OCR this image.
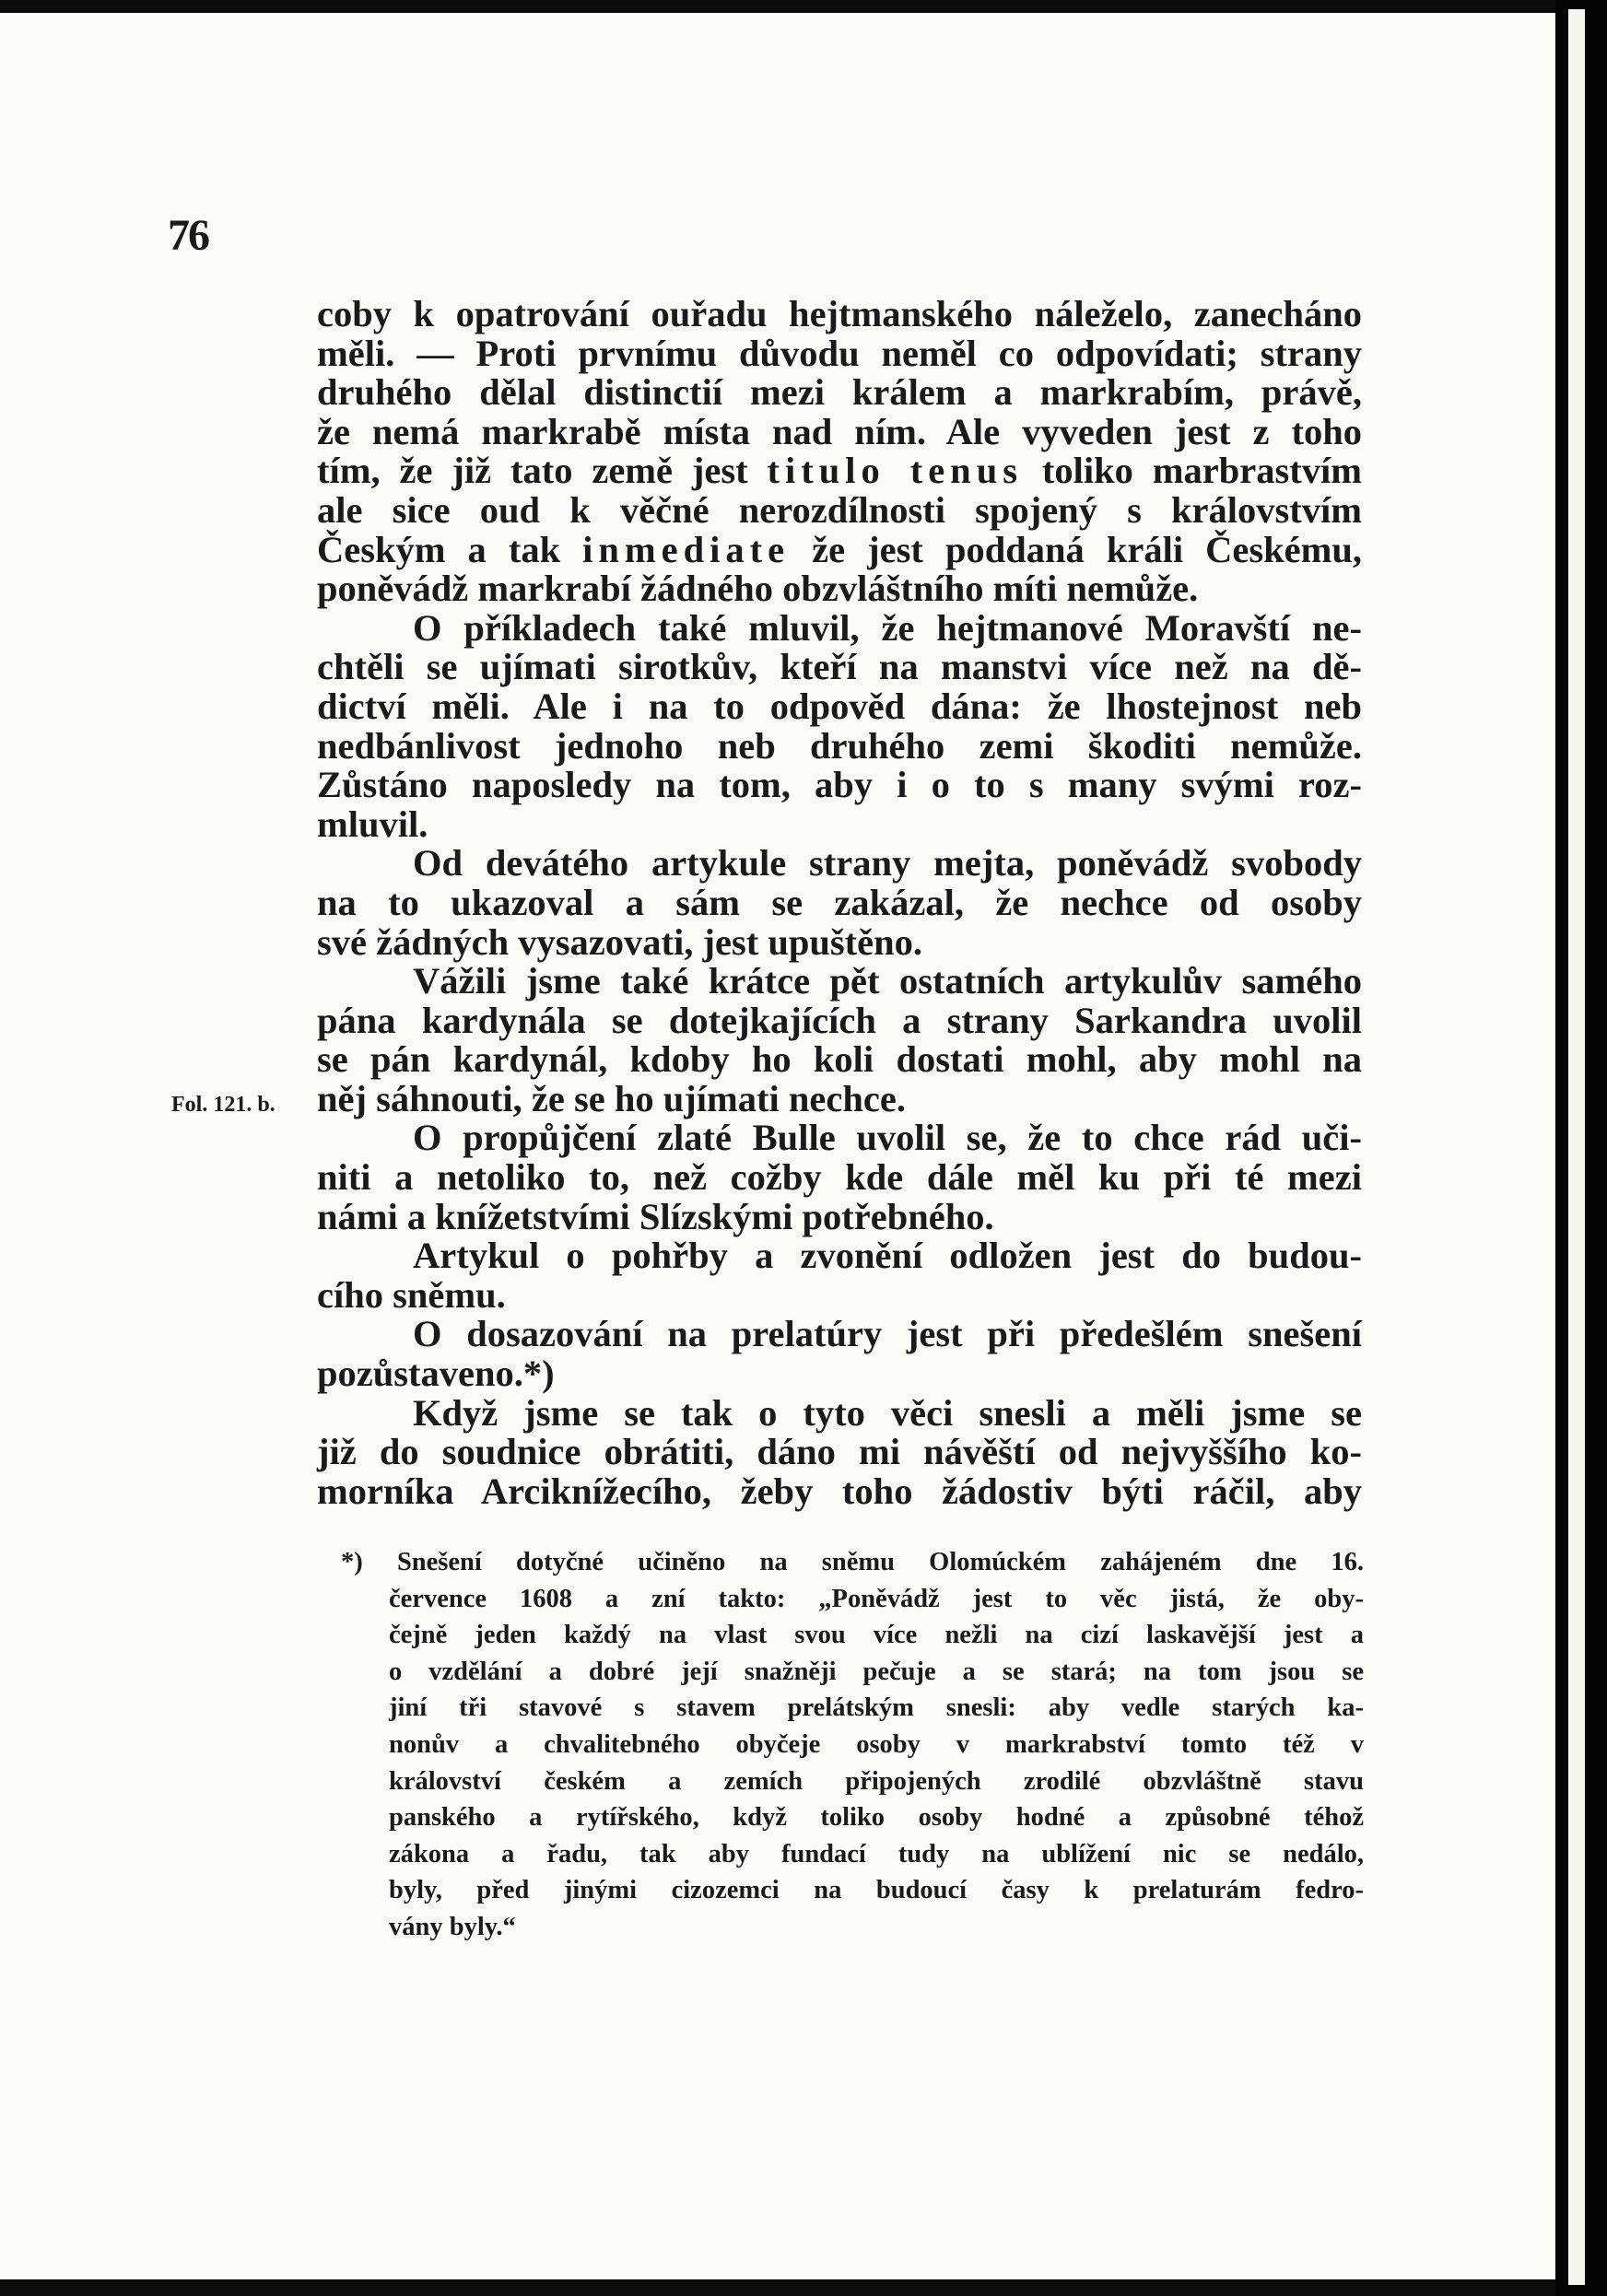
76
Fol. 121. b.
coby k opatrování ouřadu hejtmanského náleželo, zanecháno
měli. — Proti prvnímu důvodu neměl co odpovídati; strany
druhého dělal distinctií mezi králem a markrabím, právě,
že nemá markrabě místa nad ním. Ale vyveden jest z toho
tím, že již tato země jest titulo tenus toliko marbrastvím
ale sice oud k věčné nerozdílnosti spojený s královstvím
Českým a tak inmediate že jest poddaná králi Českému,
poněvádž markrabí žádného obzvláštního míti nemůže.
O příkladech také mluvil, že hejtmanové Moravští ne-
chtěli se ujímati sirotkův, kteří na manstvi více než na dě-
dictví měli. Ale i na to odpověd dána: že lhostejnost neb
nedbánlivost jednoho neb druhého zemi škoditi nemůže.
Zůstáno naposledy na tom, aby i o to s many svými roz-
mluvil.
Od devátého artykule strany mejta, poněvádž svobody
na to ukazoval a sám se zakázal, že nechce od osoby
své žádných vysazovati, jest upuštěno.
Vážili jsme také krátce pět ostatních artykulův samého
pána kardynála se dotejkajících a strany Sarkandra uvolil
se pán kardynál, kdoby ho koli dostati mohl, aby mohl na
něj sáhnouti, že se ho ujímati nechce.
O propůjčení zlaté Bulle uvolil se, že to chce rád uči-
niti a netoliko to, než cožby kde dále měl ku při té mezi
námi a knížetstvími Slízskými potřebného.
Artykul o pohřby a zvonění odložen jest do budou-
cího sněmu.
O dosazování na prelatúry jest při předešlém snešení
pozůstaveno.*)
Když jsme se tak o tyto věci snesli a měli jsme se
již do soudnice obrátiti, dáno mi návěští od nejvyššího ko-
morníka Arciknížecího, žeby toho žádostiv býti ráčil, aby
*) Snešení dotyčné učiněno na sněmu Olomúckém zahájeném dne 16.
července 1608 a zní takto: „Poněvádž jest to věc jistá, že oby-
čejně jeden každý na vlast svou více nežli na cizí laskavější jest a
o vzdělání a dobré její snažněji pečuje a se stará; na tom jsou se
jiní tři stavové s stavem prelátským snesli: aby vedle starých ka-
nonův a chvalitebného obyčeje osoby v markrabství tomto též v
království českém a zemích připojených zrodilé obzvláštně stavu
panského a rytířského, když toliko osoby hodné a způsobné téhož
zákona a řadu, tak aby fundací tudy na ublížení nic se nedálo,
byly, před jinými cizozemci na budoucí časy k prelaturám fedro-
vány byly.“
